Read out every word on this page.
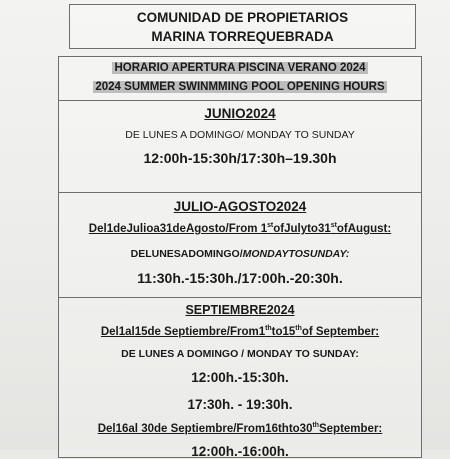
COMUNIDAD DE PROPIETARIOS
MARINA TORREQUEBRADA
HORARIO APERTURA PISCINA VERANO 2024
2024 SUMMER SWINMMING POOL OPENING HOURS
JUNIO2024
DE LUNES A DOMINGO/ MONDAY TO SUNDAY
12:00h-15:30h/17:30h–19.30h
JULIO-AGOSTO2024
Del1deJulioa31deAgosto/From 1stofJulyto31stofAugust:
DELUNESADOMINGO/MONDAYTOSUNDAY:
11:30h.-15:30h./17:00h.-20:30h.
SEPTIEMBRE2024
Del1al15de Septiembre/From1thto15thof September:
DE LUNES A DOMINGO / MONDAY TO SUNDAY:
12:00h.-15:30h.
17:30h. - 19:30h.
Del16al 30de Septiembre/From16thto30thSeptember:
12:00h.-16:00h.
